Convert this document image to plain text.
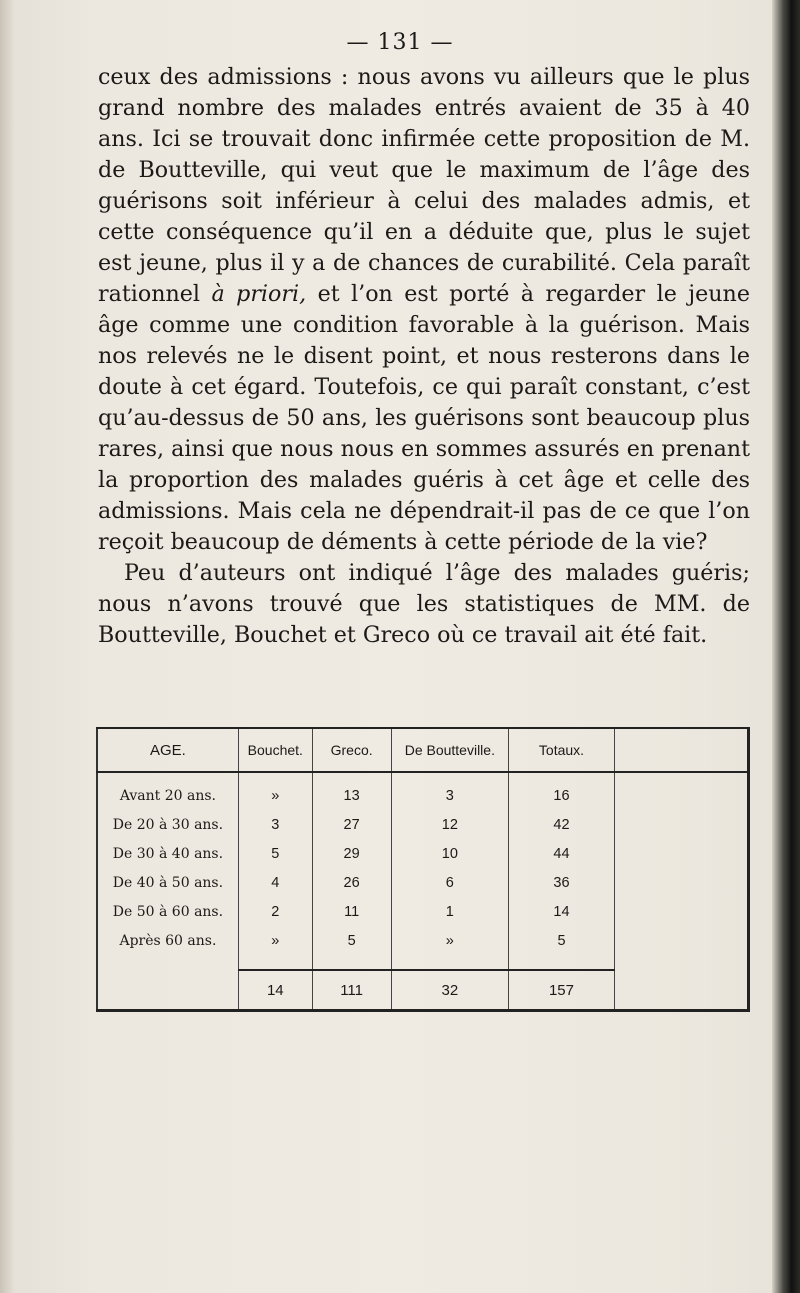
— 131 —

ceux des admissions : nous avons vu ailleurs que le plus grand nombre des malades entrés avaient de 35 à 40 ans. Ici se trouvait donc infirmée cette proposition de M. de Boutteville, qui veut que le maximum de l’âge des guérisons soit inférieur à celui des malades admis, et cette conséquence qu’il en a déduite que, plus le sujet est jeune, plus il y a de chances de curabilité. Cela paraît rationnel à priori, et l’on est porté à regarder le jeune âge comme une condition favorable à la guérison. Mais nos relevés ne le disent point, et nous resterons dans le doute à cet égard. Toutefois, ce qui paraît constant, c’est qu’au-dessus de 50 ans, les guérisons sont beaucoup plus rares, ainsi que nous nous en sommes assurés en prenant la proportion des malades guéris à cet âge et celle des admissions. Mais cela ne dépendrait-il pas de ce que l’on reçoit beaucoup de déments à cette période de la vie?

Peu d’auteurs ont indiqué l’âge des malades guéris; nous n’avons trouvé que les statistiques de MM. de Boutteville, Bouchet et Greco où ce travail ait été fait.

AGE.	Bouchet.	Greco.	De Boutteville.	Totaux.	
Avant 20 ans.	»	13	3	16	
De 20 à 30 ans.	3	27	12	42	
De 30 à 40 ans.	5	29	10	44	
De 40 à 50 ans.	4	26	6	36	
De 50 à 60 ans.	2	11	1	14	
Après 60 ans.	»	5	»	5	
	14	111	32	157	
